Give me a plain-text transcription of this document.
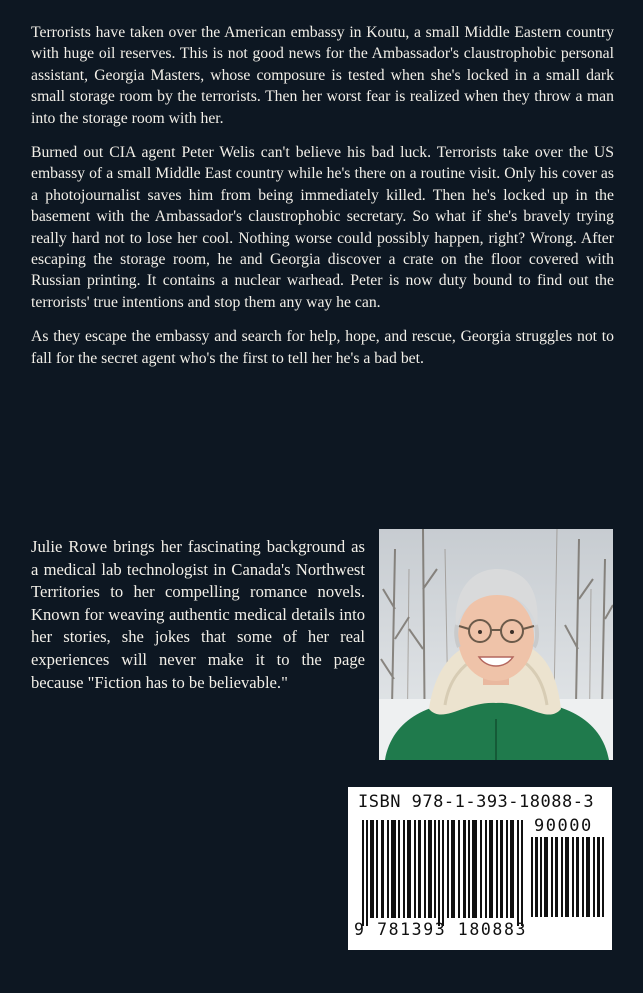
Terrorists have taken over the American embassy in Koutu, a small Middle Eastern country with huge oil reserves. This is not good news for the Ambassador's claustrophobic personal assistant, Georgia Masters, whose composure is tested when she's locked in a small dark small storage room by the terrorists. Then her worst fear is realized when they throw a man into the storage room with her.

Burned out CIA agent Peter Welis can't believe his bad luck. Terrorists take over the US embassy of a small Middle East country while he's there on a routine visit. Only his cover as a photojournalist saves him from being immediately killed. Then he's locked up in the basement with the Ambassador's claustrophobic secretary. So what if she's bravely trying really hard not to lose her cool. Nothing worse could possibly happen, right? Wrong. After escaping the storage room, he and Georgia discover a crate on the floor covered with Russian printing. It contains a nuclear warhead. Peter is now duty bound to find out the terrorists' true intentions and stop them any way he can.

As they escape the embassy and search for help, hope, and rescue, Georgia struggles not to fall for the secret agent who's the first to tell her he's a bad bet.

Julie Rowe brings her fascinating background as a medical lab technologist in Canada's Northwest Territories to her compelling romance novels. Known for weaving authentic medical details into her stories, she jokes that some of her real experiences will never make it to the page because "Fiction has to be believable."

ISBN 978-1-393-18088-3
90000
9 781393 180883
